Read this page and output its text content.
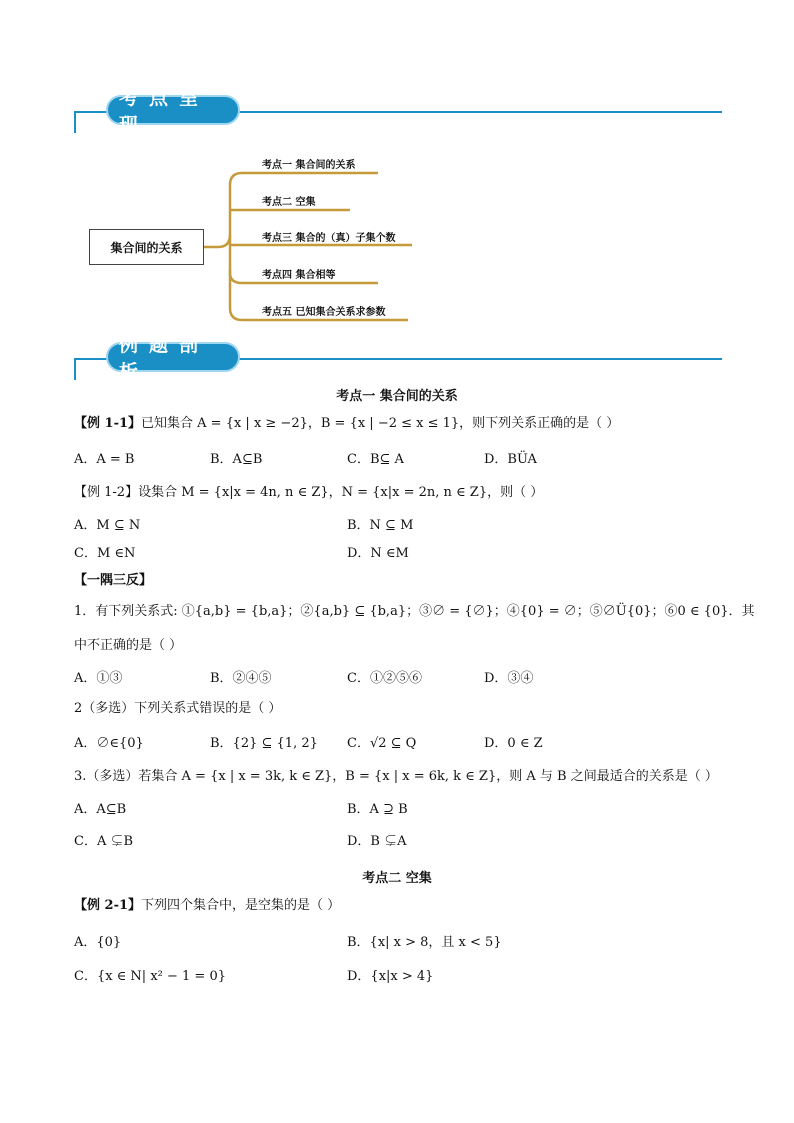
考点呈现
集合间的关系
考点一 集合间的关系
考点二 空集
考点三 集合的（真）子集个数
考点四 集合相等
考点五 已知集合关系求参数
例题剖析
考点一 集合间的关系
【例 1-1】已知集合 A = {x | x ≥ −2}，B = {x | −2 ≤ x ≤ 1}，则下列关系正确的是（ ）
A．A = B	B．A⊆B	C．B⊆ A	D．BÜA
【例 1-2】设集合 M = {x|x = 4n, n ∈ Z}，N = {x|x = 2n, n ∈ Z}，则（ ）
A．M ⊆ N	B．N ⊆ M
C．M ∈N	D．N ∈M
【一隅三反】
1．有下列关系式: ①{a,b} = {b,a}；②{a,b} ⊆ {b,a}；③∅ = {∅}；④{0} = ∅；⑤∅Ü{0}；⑥0 ∈ {0}．其
中不正确的是（ ）
A．①③	B．②④⑤	C．①②⑤⑥	D．③④
2（多选）下列关系式错误的是（ ）
A．∅∈{0}	B．{2} ⊆ {1, 2} C．√2 ⊆ Q	D．0 ∈ Z
3.（多选）若集合 A = {x | x = 3k, k ∈ Z}，B = {x | x = 6k, k ∈ Z}，则 A 与 B 之间最适合的关系是（ ）
A．A⊆B	B．A ⊇ B
C．A ⊊B	D．B ⊊A
考点二 空集
【例 2-1】下列四个集合中，是空集的是（ ）
A．{0}	B．{x| x > 8，且 x < 5}
C．{x ∈ N| x² − 1 = 0}	D．{x|x > 4}
